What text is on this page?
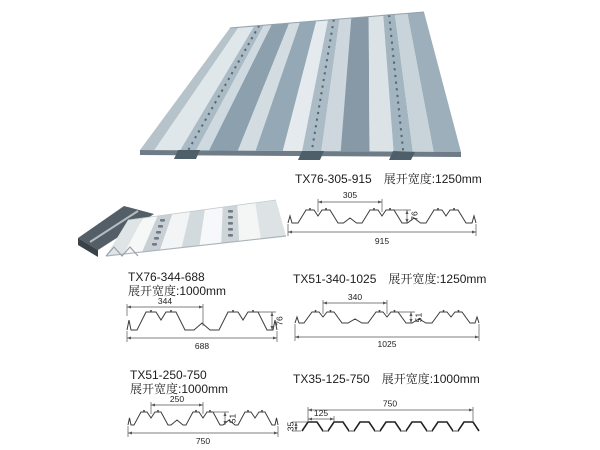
TX76-305-915 展开宽度:1250mm
305
76
915
TX76-344-688
展开宽度:1000mm
344
76
688
TX51-340-1025 展开宽度:1250mm
340
51
1025
TX51-250-750
展开宽度:1000mm
250
51
750
TX35-125-750 展开宽度:1000mm
750
125
35
